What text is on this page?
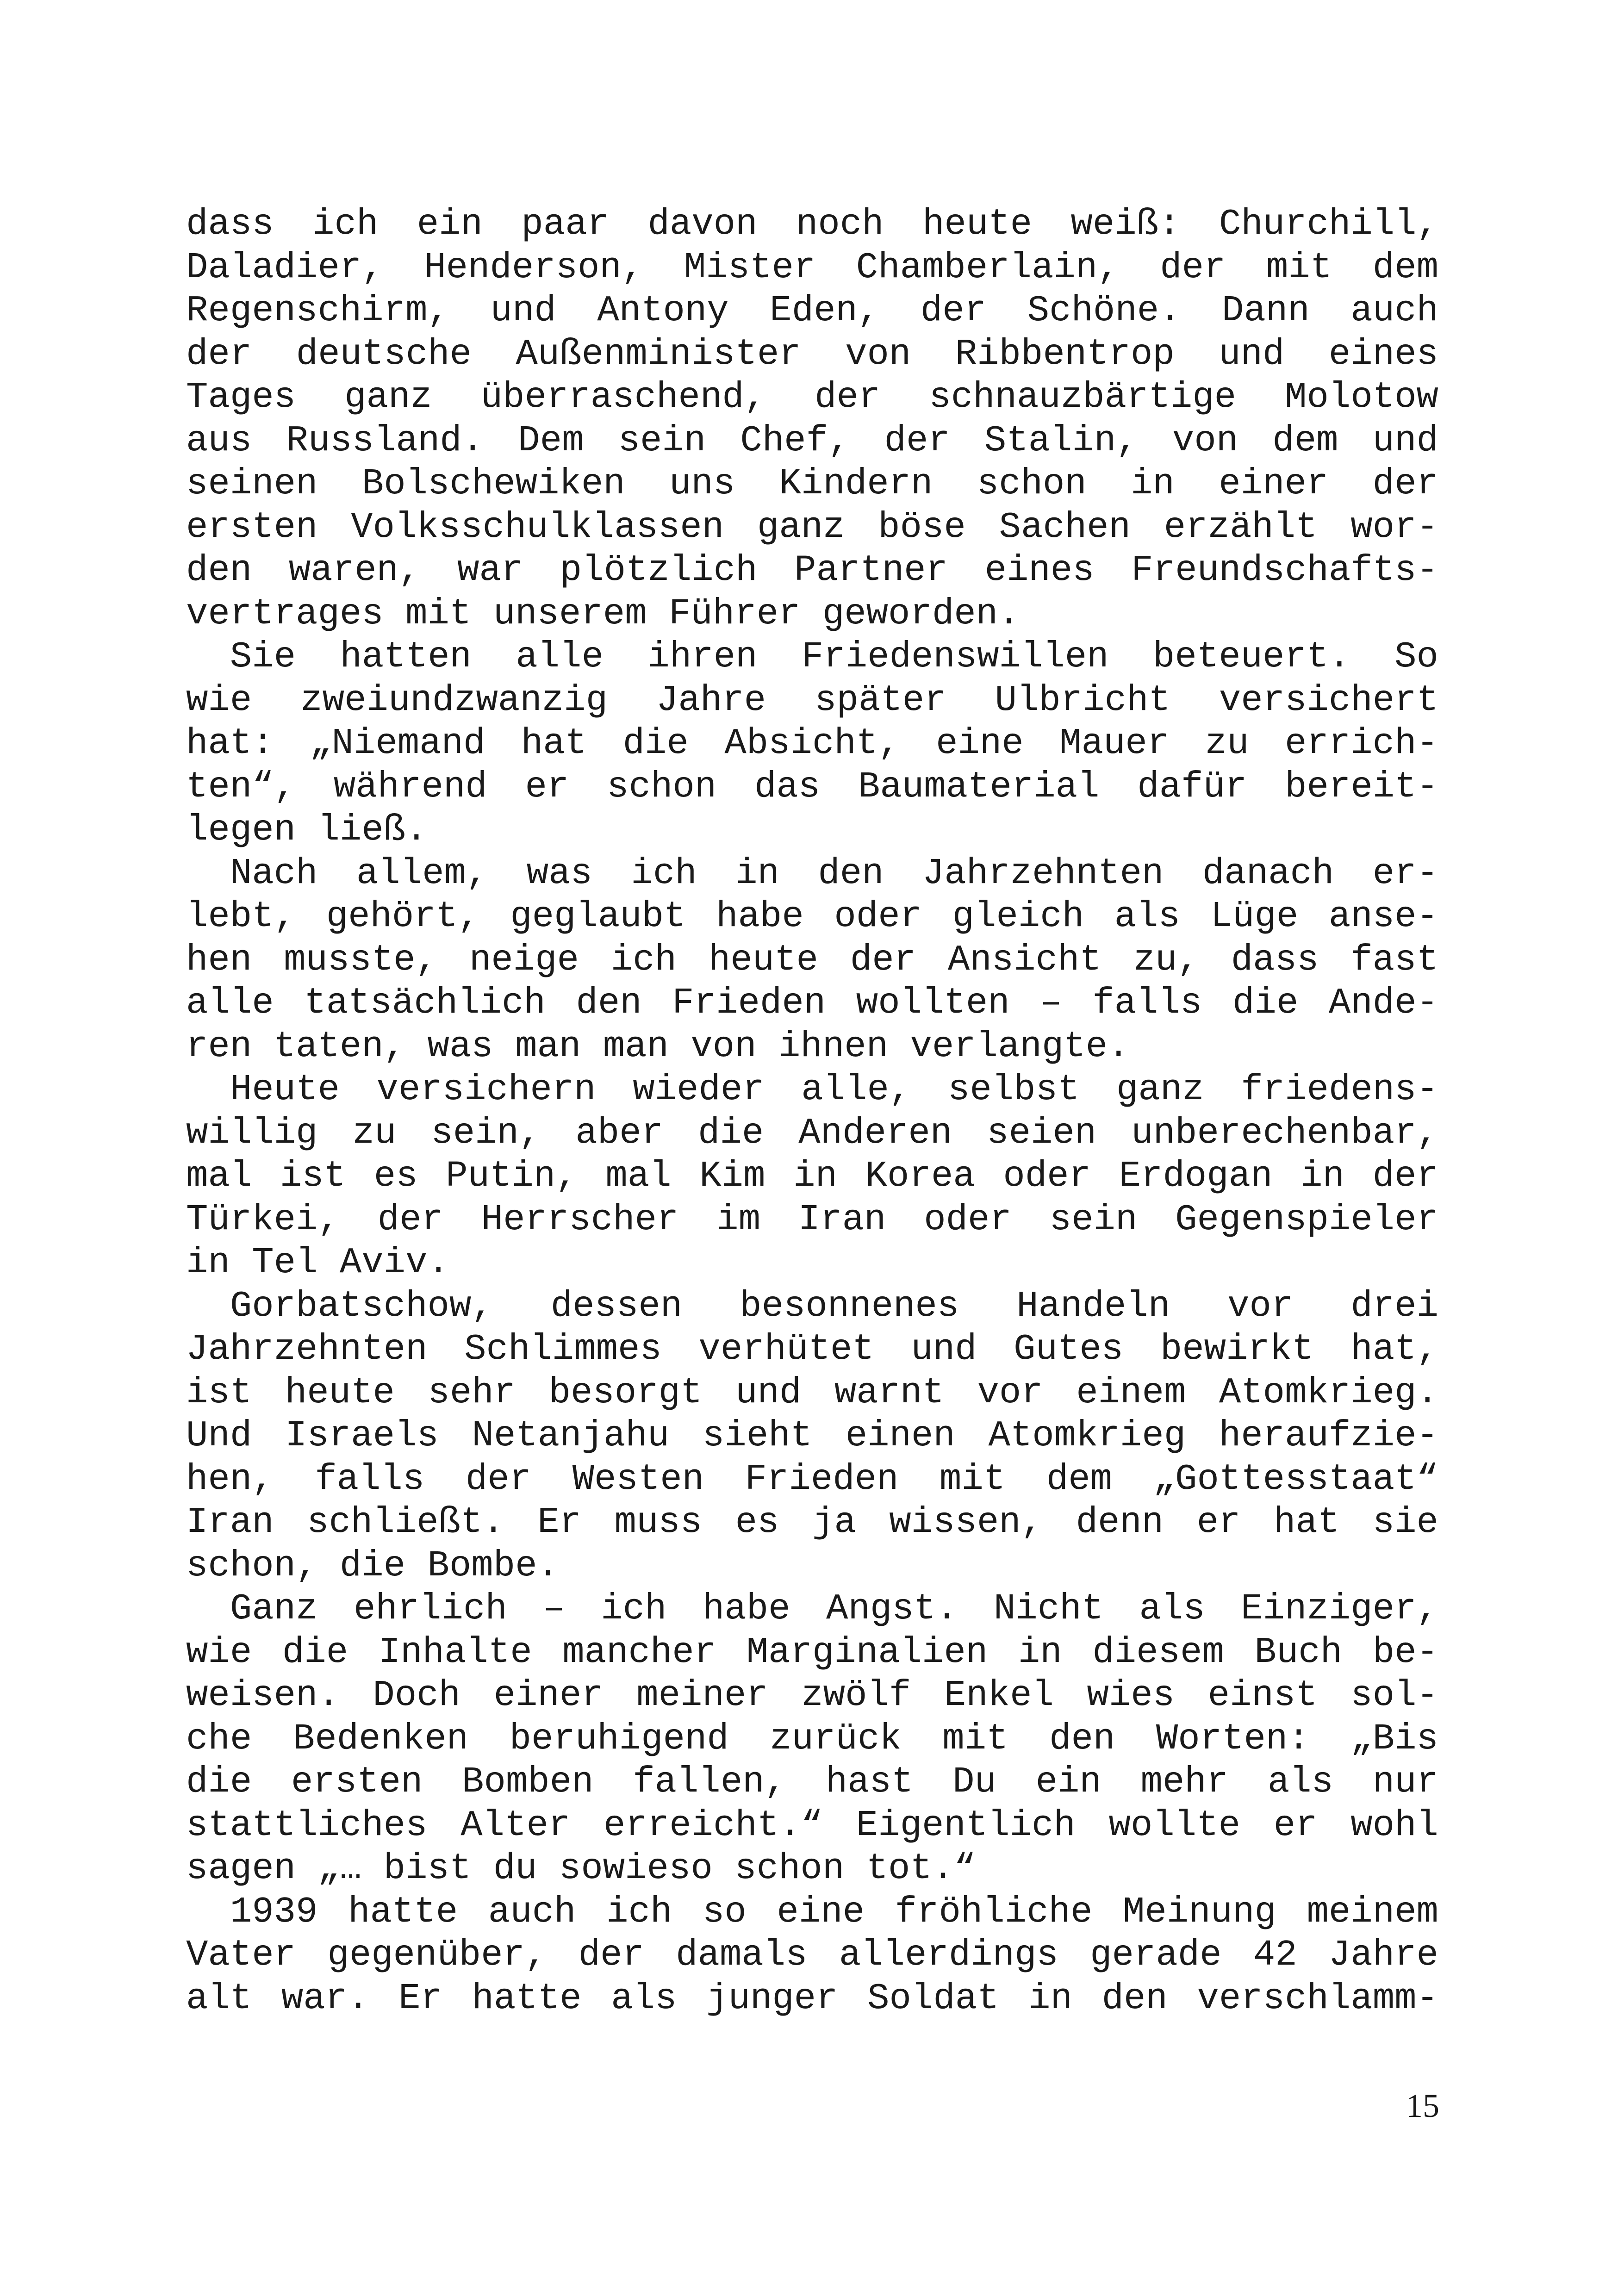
dass ich ein paar davon noch heute weiß: Churchill,
Daladier, Henderson, Mister Chamberlain, der mit dem
Regenschirm, und Antony Eden, der Schöne. Dann auch
der deutsche Außenminister von Ribbentrop und eines
Tages ganz überraschend, der schnauzbärtige Molotow
aus Russland. Dem sein Chef, der Stalin, von dem und
seinen Bolschewiken uns Kindern schon in einer der
ersten Volksschulklassen ganz böse Sachen erzählt wor-
den waren, war plötzlich Partner eines Freundschafts-
vertrages mit unserem Führer geworden.
Sie hatten alle ihren Friedenswillen beteuert. So
wie zweiundzwanzig Jahre später Ulbricht versichert
hat: „Niemand hat die Absicht, eine Mauer zu errich-
ten“, während er schon das Baumaterial dafür bereit-
legen ließ.
Nach allem, was ich in den Jahrzehnten danach er-
lebt, gehört, geglaubt habe oder gleich als Lüge anse-
hen musste, neige ich heute der Ansicht zu, dass fast
alle tatsächlich den Frieden wollten – falls die Ande-
ren taten, was man man von ihnen verlangte.
Heute versichern wieder alle, selbst ganz friedens-
willig zu sein, aber die Anderen seien unberechenbar,
mal ist es Putin, mal Kim in Korea oder Erdogan in der
Türkei, der Herrscher im Iran oder sein Gegenspieler
in Tel Aviv.
Gorbatschow, dessen besonnenes Handeln vor drei
Jahrzehnten Schlimmes verhütet und Gutes bewirkt hat,
ist heute sehr besorgt und warnt vor einem Atomkrieg.
Und Israels Netanjahu sieht einen Atomkrieg heraufzie-
hen, falls der Westen Frieden mit dem „Gottesstaat“
Iran schließt. Er muss es ja wissen, denn er hat sie
schon, die Bombe.
Ganz ehrlich – ich habe Angst. Nicht als Einziger,
wie die Inhalte mancher Marginalien in diesem Buch be-
weisen. Doch einer meiner zwölf Enkel wies einst sol-
che Bedenken beruhigend zurück mit den Worten: „Bis
die ersten Bomben fallen, hast Du ein mehr als nur
stattliches Alter erreicht.“ Eigentlich wollte er wohl
sagen „… bist du sowieso schon tot.“
1939 hatte auch ich so eine fröhliche Meinung meinem
Vater gegenüber, der damals allerdings gerade 42 Jahre
alt war. Er hatte als junger Soldat in den verschlamm-
15
